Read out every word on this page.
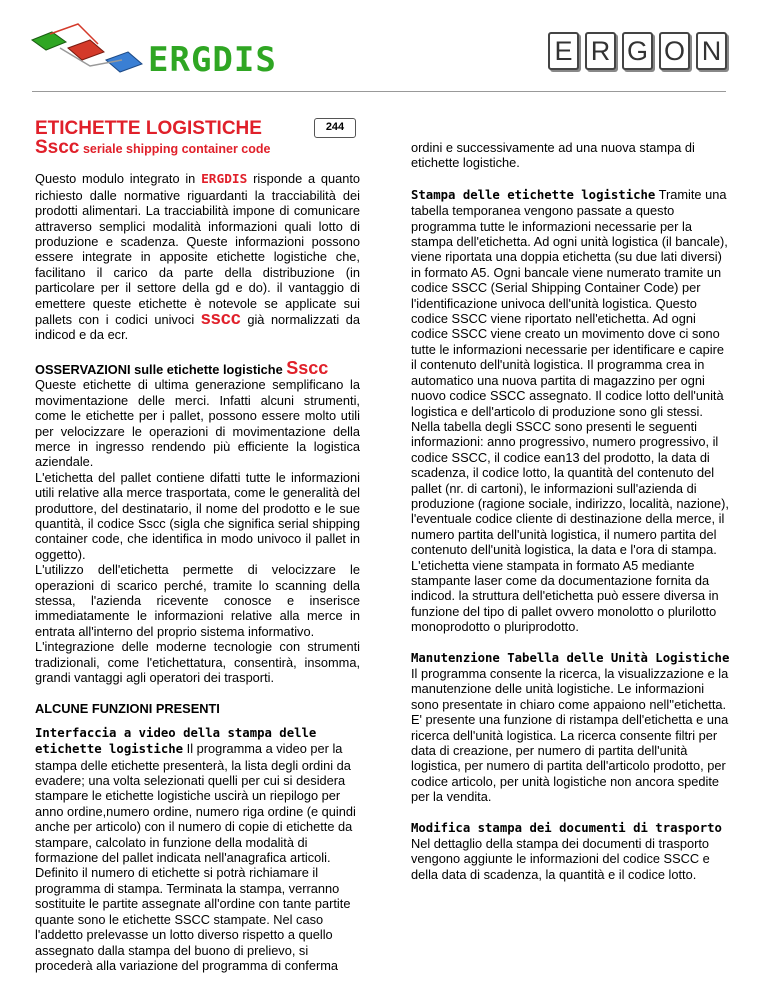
ERGDIS	E R G O N
ETICHETTE LOGISTICHE	244

Sscc seriale shipping container code

Questo modulo integrato in ERGDIS risponde a quanto richiesto dalle normative riguardanti la tracciabilità dei prodotti alimentari. La tracciabilità impone di comunicare attraverso semplici modalità informazioni quali lotto di produzione e scadenza. Queste informazioni possono essere integrate in apposite etichette logistiche che, facilitano il carico da parte della distribuzione (in particolare per il settore della gd e do). il vantaggio di emettere queste etichette è notevole se applicate sui pallets con i codici univoci sscc già normalizzati da indicod e da ecr.

OSSERVAZIONI sulle etichette logistiche Sscc

Queste etichette di ultima generazione semplificano la movimentazione delle merci. Infatti alcuni strumenti, come le etichette per i pallet, possono essere molto utili per velocizzare le operazioni di movimentazione della merce in ingresso rendendo più efficiente la logistica aziendale.

L'etichetta del pallet contiene difatti tutte le informazioni utili relative alla merce trasportata, come le generalità del produttore, del destinatario, il nome del prodotto e le sue quantità, il codice Sscc (sigla che significa serial shipping container code, che identifica in modo univoco il pallet in oggetto).

L'utilizzo dell'etichetta permette di velocizzare le operazioni di scarico perché, tramite lo scanning della stessa, l'azienda ricevente conosce e inserisce immediatamente le informazioni relative alla merce in entrata all'interno del proprio sistema informativo.

L'integrazione delle moderne tecnologie con strumenti tradizionali, come l'etichettatura, consentirà, insomma, grandi vantaggi agli operatori dei trasporti.

ALCUNE FUNZIONI PRESENTI

Interfaccia a video della stampa delle etichette logistiche Il programma a video per la stampa delle etichette presenterà, la lista degli ordini da evadere; una volta selezionati quelli per cui si desidera stampare le etichette logistiche uscirà un riepilogo per anno ordine,numero ordine, numero riga ordine (e quindi anche per articolo) con il numero di copie di etichette da stampare, calcolato in funzione della modalità di formazione del pallet indicata nell'anagrafica articoli. Definito il numero di etichette si potrà richiamare il programma di stampa. Terminata la stampa, verranno sostituite le partite assegnate all'ordine con tante partite quante sono le etichette SSCC stampate. Nel caso l'addetto prelevasse un lotto diverso rispetto a quello assegnato dalla stampa del buono di prelievo, si procederà alla variazione del programma di conferma

ordini e successivamente ad una nuova stampa di etichette logistiche.

Stampa delle etichette logistiche Tramite una tabella temporanea vengono passate a questo programma tutte le informazioni necessarie per la stampa dell'etichetta. Ad ogni unità logistica (il bancale), viene riportata una doppia etichetta (su due lati diversi) in formato A5. Ogni bancale viene numerato tramite un codice SSCC (Serial Shipping Container Code) per l'identificazione univoca dell'unità logistica. Questo codice SSCC viene riportato nell'etichetta. Ad ogni codice SSCC viene creato un movimento dove ci sono tutte le informazioni necessarie per identificare e capire il contenuto dell'unità logistica. Il programma crea in automatico una nuova partita di magazzino per ogni nuovo codice SSCC assegnato. Il codice lotto dell'unità logistica e dell'articolo di produzione sono gli stessi. Nella tabella degli SSCC sono presenti le seguenti informazioni: anno progressivo, numero progressivo, il codice SSCC, il codice ean13 del prodotto, la data di scadenza, il codice lotto, la quantità del contenuto del pallet (nr. di cartoni), le informazioni sull'azienda di produzione (ragione sociale, indirizzo, località, nazione), l'eventuale codice cliente di destinazione della merce, il numero partita dell'unità logistica, il numero partita del contenuto dell'unità logistica, la data e l'ora di stampa. L'etichetta viene stampata in formato A5 mediante stampante laser come da documentazione fornita da indicod. la struttura dell'etichetta può essere diversa in funzione del tipo di pallet ovvero monolotto o plurilotto monoprodotto o pluriprodotto.

Manutenzione Tabella delle Unità Logistiche

Il programma consente la ricerca, la visualizzazione e la manutenzione delle unità logistiche. Le informazioni sono presentate in chiaro come appaiono nell''etichetta. E' presente una funzione di ristampa dell'etichetta e una ricerca dell'unità logistica. La ricerca consente filtri per data di creazione, per numero di partita dell'unità logistica, per numero di partita dell'articolo prodotto, per codice articolo, per unità logistiche non ancora spedite per la vendita.

Modifica stampa dei documenti di trasporto

Nel dettaglio della stampa dei documenti di trasporto vengono aggiunte le informazioni del codice SSCC e della data di scadenza, la quantità e il codice lotto.
